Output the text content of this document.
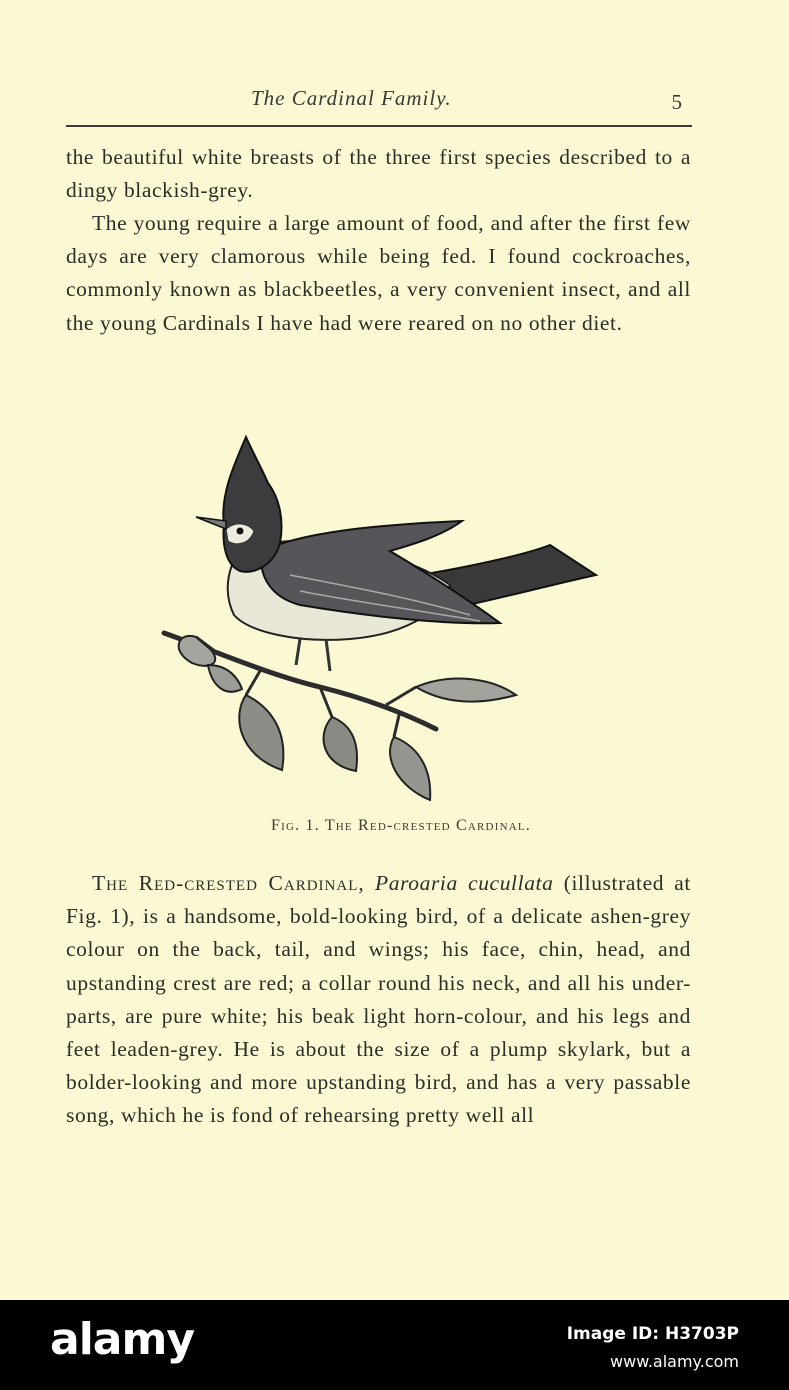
The Cardinal Family.	5

the beautiful white breasts of the three first species described to a dingy blackish-grey.

The young require a large amount of food, and after the first few days are very clamorous while being fed. I found cockroaches, commonly known as blackbeetles, a very convenient insect, and all the young Cardinals I have had were reared on no other diet.

Fig. 1. The Red-crested Cardinal.

The Red-crested Cardinal, Paroaria cucullata (illustrated at Fig. 1), is a handsome, bold-looking bird, of a delicate ashen-grey colour on the back, tail, and wings; his face, chin, head, and upstanding crest are red; a collar round his neck, and all his under-parts, are pure white; his beak light horn-colour, and his legs and feet leaden-grey. He is about the size of a plump skylark, but a bolder-looking and more upstanding bird, and has a very passable song, which he is fond of rehearsing pretty well all

alamy	Image ID: H3703P
www.alamy.com
